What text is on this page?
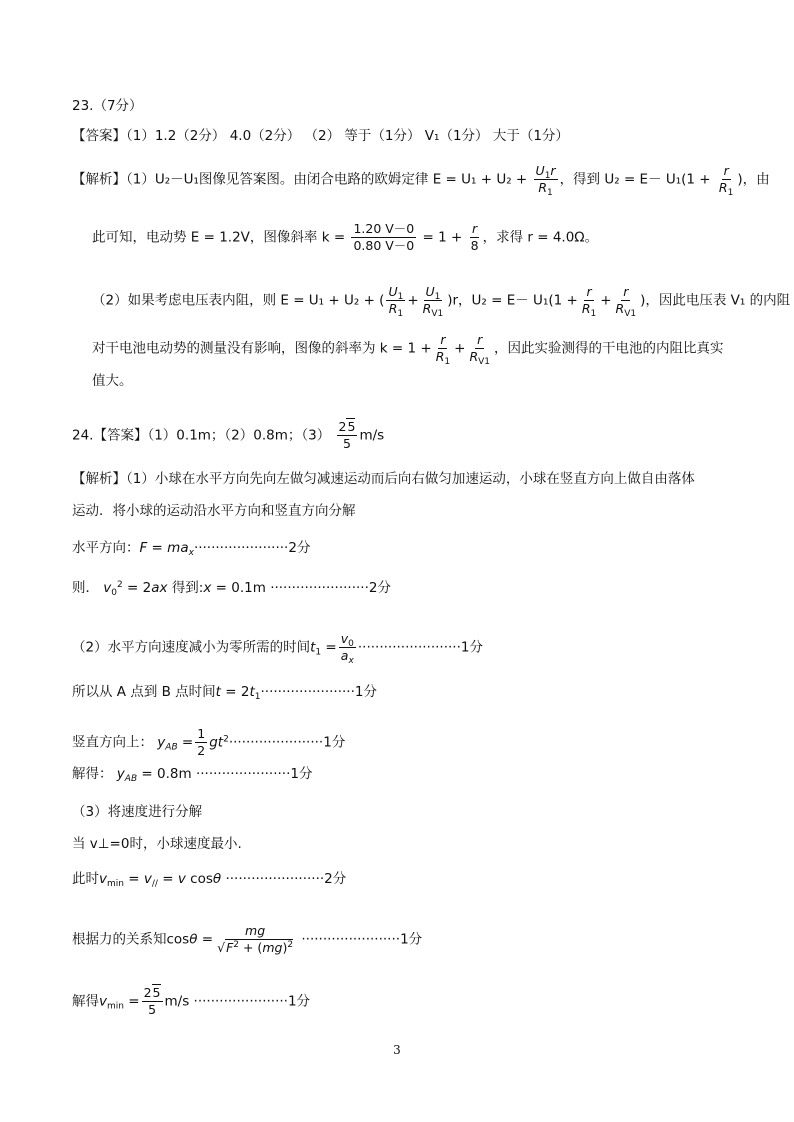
23.（7分）
【答案】（1）1.2（2分） 4.0（2分） （2） 等于（1分） V₁（1分） 大于（1分）
【解析】（1）U₂－U₁图像见答案图。由闭合电路的欧姆定律 $E = U_1 + U_2 + \frac{U_1r}{R_1}$ ，得到 $U_2 = E- U_1(1 + \frac{r}{R_1}$ )，由
此可知，电动势 E = 1.2V，图像斜率 $k = \frac{1.20 V-0}{0.80 V-0} = 1 + \frac{r}{8}$ ，求得 r = 4.0Ω。
（2）如果考虑电压表内阻，则 E = U₁ + U₂ + ( $\frac{U_1}{R_1} + \frac{U_1}{R_{V1}} )r$，$U_2 = E- U_1(1 + \frac{r}{R_1} + \frac{r}{R_{V1}}$ )，因此电压表 V₁ 的内阻
对干电池电动势的测量没有影响，图像的斜率为 $k = 1 + \frac{r}{R_1} + \frac{r}{R_{V1}}$ ，因此实验测得的干电池的内阻比真实
值大。
24.【答案】（1）0.1m；（2）0.8m；$(3) \frac{25}{5} m/s$
【解析】（1）小球在水平方向先向左做匀减速运动而后向右做匀加速运动，小球在竖直方向上做自由落体
运动．将小球的运动沿水平方向和竖直方向分解
水平方向：$F = ma_x\cdot\cdot\cdot\cdot\cdot\cdot\cdot\cdot\cdot\cdot\cdot\cdot\cdot\cdot\cdot\cdot\cdot\cdot\cdot\cdot\cdot\cdot 2$分
则． $v_0^2 = 2ax$ 得到:x = 0.1m ·······················2分
（2）水平方向速度减小为零所需的时间$t_1 = \frac{v_0}{a_x} \cdot\cdot\cdot\cdot\cdot\cdot\cdot\cdot\cdot\cdot\cdot\cdot\cdot\cdot\cdot\cdot\cdot\cdot\cdot\cdot\cdot\cdot\cdot\cdot 1$分
所以从 A 点到 B 点时间$t = 2t_1\cdot\cdot\cdot\cdot\cdot\cdot\cdot\cdot\cdot\cdot\cdot\cdot\cdot\cdot\cdot\cdot\cdot\cdot\cdot\cdot\cdot\cdot 1$分
竖直方向上： $y_{AB} = \frac{1}{2} gt^2\cdot\cdot\cdot\cdot\cdot\cdot\cdot\cdot\cdot\cdot\cdot\cdot\cdot\cdot\cdot\cdot\cdot\cdot\cdot\cdot\cdot\cdot 1$分
解得： $y_{AB} = 0.8m \cdot\cdot\cdot\cdot\cdot\cdot\cdot\cdot\cdot\cdot\cdot\cdot\cdot\cdot\cdot\cdot\cdot\cdot\cdot\cdot\cdot\cdot 1$分
（3）将速度进行分解
当 v⊥=0时，小球速度最小.
此时$v_{min} = v_{//} = v$ cosθ ·······················2分
根据力的关系知$\cos\theta = \frac{mg}{√F^2 + (mg)^2} \cdot\cdot\cdot\cdot\cdot\cdot\cdot\cdot\cdot\cdot\cdot\cdot\cdot\cdot\cdot\cdot\cdot\cdot\cdot\cdot\cdot\cdot\cdot 1$分
解得$v_{min} = \frac{25}{5} m/s \cdot\cdot\cdot\cdot\cdot\cdot\cdot\cdot\cdot\cdot\cdot\cdot\cdot\cdot\cdot\cdot\cdot\cdot\cdot\cdot\cdot\cdot 1$分
3
